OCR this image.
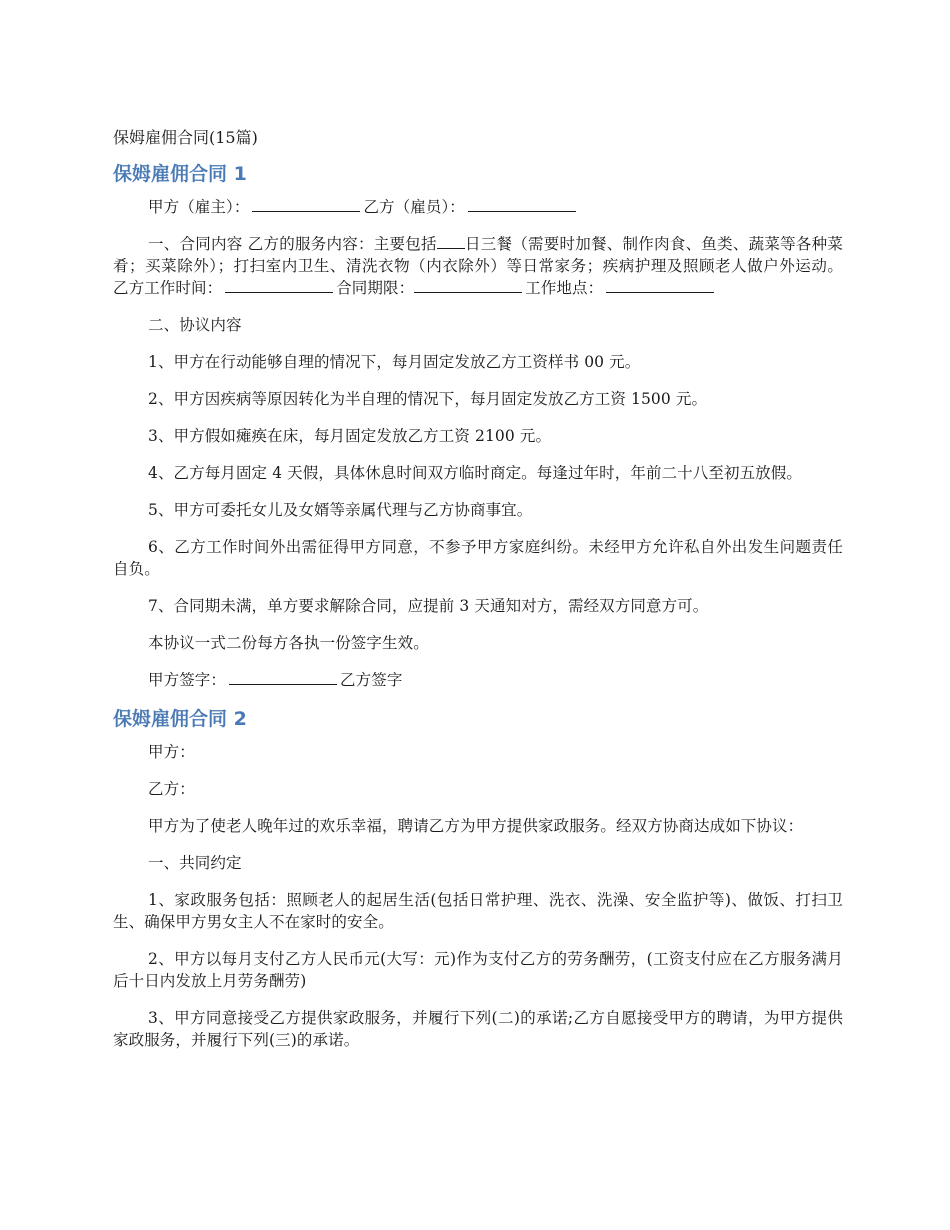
保姆雇佣合同(15篇)
保姆雇佣合同 1

甲方（雇主）：	乙方（雇员）：

一、合同内容 乙方的服务内容：主要包括 日三餐（需要时加餐、制作肉食、鱼类、蔬菜等各种菜肴；买菜除外）；打扫室内卫生、清洗衣物（内衣除外）等日常家务；疾病护理及照顾老人做户外运动。 乙方工作时间：	合同期限：	工作地点：

二、协议内容

1、甲方在行动能够自理的情况下，每月固定发放乙方工资样书 00 元。

2、甲方因疾病等原因转化为半自理的情况下，每月固定发放乙方工资 1500 元。

3、甲方假如瘫痪在床，每月固定发放乙方工资 2100 元。

4、乙方每月固定 4 天假，具体休息时间双方临时商定。每逢过年时，年前二十八至初五放假。

5、甲方可委托女儿及女婿等亲属代理与乙方协商事宜。

6、乙方工作时间外出需征得甲方同意，不参予甲方家庭纠纷。未经甲方允许私自外出发生问题责任自负。

7、合同期未满，单方要求解除合同，应提前 3 天通知对方，需经双方同意方可。

本协议一式二份每方各执一份签字生效。

甲方签字：	乙方签字

保姆雇佣合同 2

甲方：

乙方：

甲方为了使老人晚年过的欢乐幸福，聘请乙方为甲方提供家政服务。经双方协商达成如下协议：

一、共同约定

1、家政服务包括：照顾老人的起居生活(包括日常护理、洗衣、洗澡、安全监护等)、做饭、打扫卫生、确保甲方男女主人不在家时的安全。

2、甲方以每月支付乙方人民币元(大写：元)作为支付乙方的劳务酬劳，(工资支付应在乙方服务满月后十日内发放上月劳务酬劳)

3、甲方同意接受乙方提供家政服务，并履行下列(二)的承诺;乙方自愿接受甲方的聘请，为甲方提供家政服务，并履行下列(三)的承诺。
